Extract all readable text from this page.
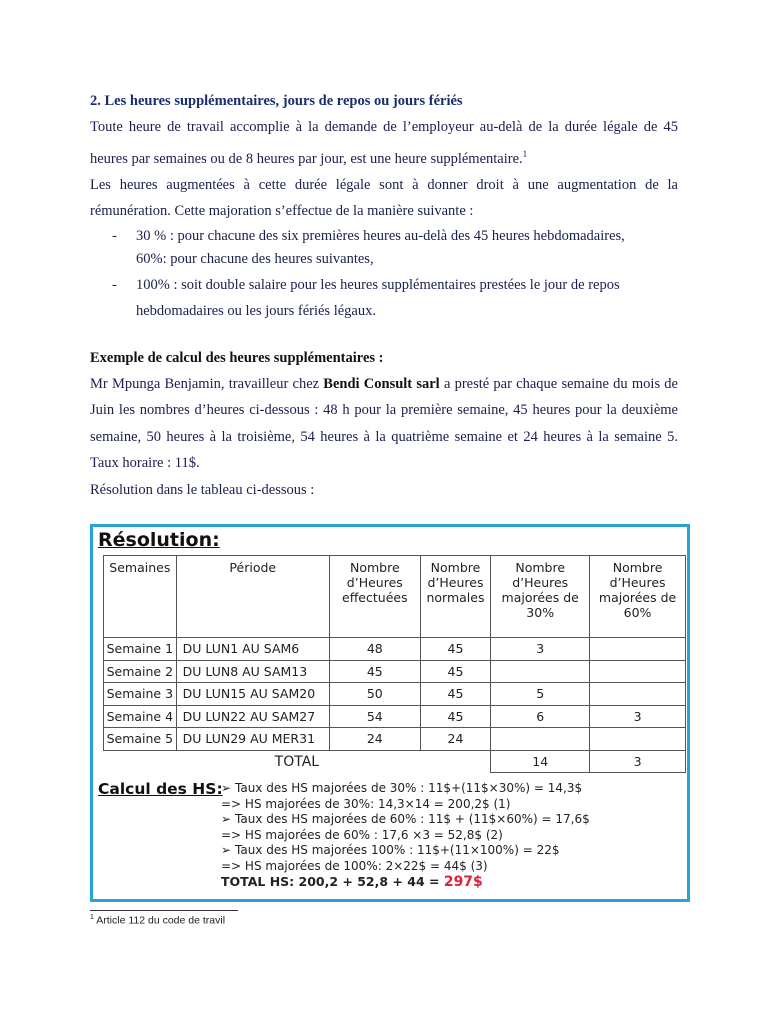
2. Les heures supplémentaires, jours de repos ou jours fériés

Toute heure de travail accomplie à la demande de l’employeur au-delà de la durée légale de 45 heures par semaines ou de 8 heures par jour, est une heure supplémentaire.$^1$

Les heures augmentées à cette durée légale sont à donner droit à une augmentation de la rémunération. Cette majoration s’effectue de la manière suivante :

- 30 % : pour chacune des six premières heures au-delà des 45 heures hebdomadaires,
60%: pour chacune des heures suivantes,
- 100% : soit double salaire pour les heures supplémentaires prestées le jour de repos hebdomadaires ou les jours fériés légaux.

Exemple de calcul des heures supplémentaires :

Mr Mpunga Benjamin, travailleur chez Bendi Consult sarl a presté par chaque semaine du mois de Juin les nombres d’heures ci-dessous : 48 h pour la première semaine, 45 heures pour la deuxième semaine, 50 heures à la troisième, 54 heures à la quatrième semaine et 24 heures à la semaine 5. Taux horaire : 11$.

Résolution dans le tableau ci-dessous :

Résolution:
Semaines	Période	Nombre d’Heures effectuées	Nombre d’Heures normales	Nombre d’Heures majorées de 30%	Nombre d’Heures majorées de 60%
Semaine 1	DU LUN1 AU SAM6	48	45	3	
Semaine 2	DU LUN8 AU SAM13	45	45		
Semaine 3	DU LUN15 AU SAM20	50	45	5	
Semaine 4	DU LUN22 AU SAM27	54	45	6	3
Semaine 5	DU LUN29 AU MER31	24	24		
TOTAL				14	3
Calcul des HS:
➢ Taux des HS majorées de 30% : 11$+(11$×30%) = 14,3$
=> HS majorées de 30%: 14,3×14 = 200,2$ (1)
➢ Taux des HS majorées de 60% : 11$ + (11$×60%) = 17,6$
=> HS majorées de 60% : 17,6 ×3 = 52,8$ (2)
➢ Taux des HS majorées 100% : 11$+(11×100%) = 22$
=> HS majorées de 100%: 2×22$ = 44$ (3)
TOTAL HS: 200,2 + 52,8 + 44 = 297$
$^1$ Article 112 du code de travil
